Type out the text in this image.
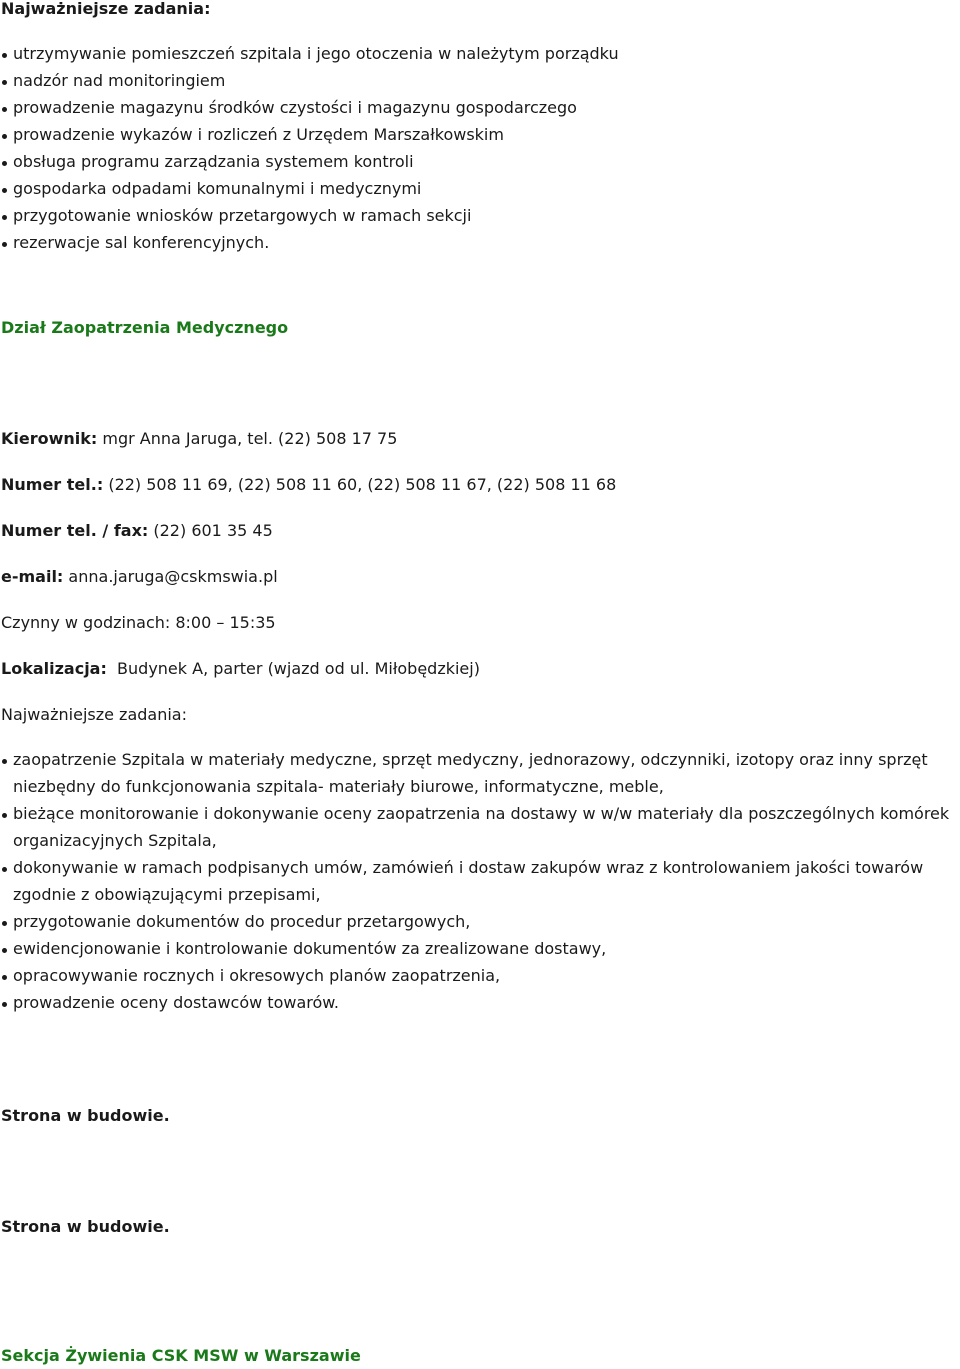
Najważniejsze zadania:
utrzymywanie pomieszczeń szpitala i jego otoczenia w należytym porządku
nadzór nad monitoringiem
prowadzenie magazynu środków czystości i magazynu gospodarczego
prowadzenie wykazów i rozliczeń z Urzędem Marszałkowskim
obsługa programu zarządzania systemem kontroli
gospodarka odpadami komunalnymi i medycznymi
przygotowanie wniosków przetargowych w ramach sekcji
rezerwacje sal konferencyjnych.
Dział Zaopatrzenia Medycznego
Kierownik: mgr Anna Jaruga, tel. (22) 508 17 75
Numer tel.: (22) 508 11 69, (22) 508 11 60, (22) 508 11 67, (22) 508 11 68
Numer tel. / fax: (22) 601 35 45
e-mail: anna.jaruga@cskmswia.pl
Czynny w godzinach: 8:00 – 15:35
Lokalizacja: Budynek A, parter (wjazd od ul. Miłobędzkiej)
Najważniejsze zadania:
zaopatrzenie Szpitala w materiały medyczne, sprzęt medyczny, jednorazowy, odczynniki, izotopy oraz inny sprzęt niezbędny do funkcjonowania szpitala- materiały biurowe, informatyczne, meble,
bieżące monitorowanie i dokonywanie oceny zaopatrzenia na dostawy w w/w materiały dla poszczególnych komórek organizacyjnych Szpitala,
dokonywanie w ramach podpisanych umów, zamówień i dostaw zakupów wraz z kontrolowaniem jakości towarów zgodnie z obowiązującymi przepisami,
przygotowanie dokumentów do procedur przetargowych,
ewidencjonowanie i kontrolowanie dokumentów za zrealizowane dostawy,
opracowywanie rocznych i okresowych planów zaopatrzenia,
prowadzenie oceny dostawców towarów.
Strona w budowie.
Strona w budowie.
Sekcja Żywienia CSK MSW w Warszawie
